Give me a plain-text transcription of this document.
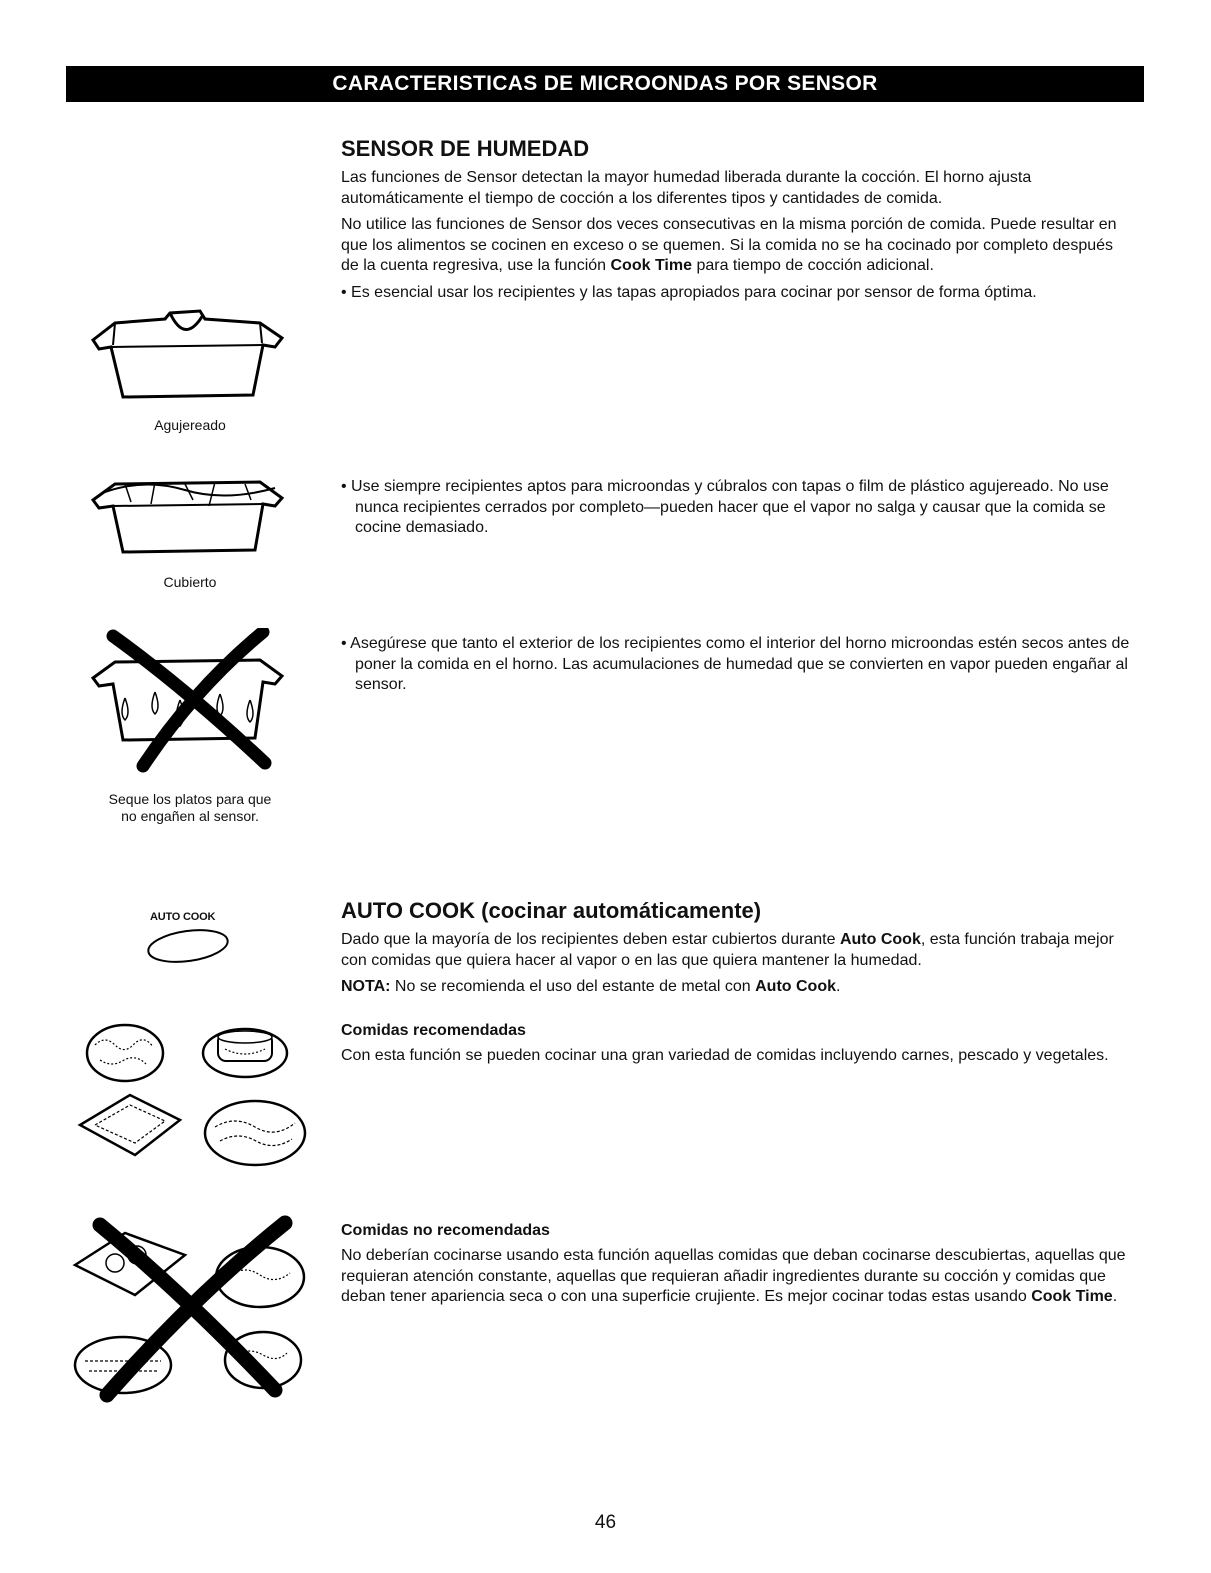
CARACTERISTICAS DE MICROONDAS POR SENSOR
SENSOR DE HUMEDAD

Las funciones de Sensor detectan la mayor humedad liberada durante la cocción. El horno ajusta automáticamente el tiempo de cocción a los diferentes tipos y cantidades de comida.

No utilice las funciones de Sensor dos veces consecutivas en la misma porción de comida. Puede resultar en que los alimentos se cocinen en exceso o se quemen. Si la comida no se ha cocinado por completo después de la cuenta regresiva, use la función Cook Time para tiempo de cocción adicional.

• Es esencial usar los recipientes y las tapas apropiados para cocinar por sensor de forma óptima.

• Use siempre recipientes aptos para microondas y cúbralos con tapas o film de plástico agujereado. No use nunca recipientes cerrados por completo—pueden hacer que el vapor no salga y causar que la comida se cocine demasiado.

• Asegúrese que tanto el exterior de los recipientes como el interior del horno microondas estén secos antes de poner la comida en el horno. Las acumulaciones de humedad que se convierten en vapor pueden engañar al sensor.

Agujereado
Cubierto
Seque los platos para que
no engañen al sensor.
AUTO COOK	AUTO COOK (cocinar automáticamente)

Dado que la mayoría de los recipientes deben estar cubiertos durante Auto Cook, esta función trabaja mejor con comidas que quiera hacer al vapor o en las que quiera mantener la humedad.

NOTA: No se recomienda el uso del estante de metal con Auto Cook.

Comidas recomendadas

Con esta función se pueden cocinar una gran variedad de comidas incluyendo carnes, pescado y vegetales.

Comidas no recomendadas

No deberían cocinarse usando esta función aquellas comidas que deban cocinarse descubiertas, aquellas que requieran atención constante, aquellas que requieran añadir ingredientes durante su cocción y comidas que deban tener apariencia seca o con una superficie crujiente. Es mejor cocinar todas estas usando Cook Time.

46
